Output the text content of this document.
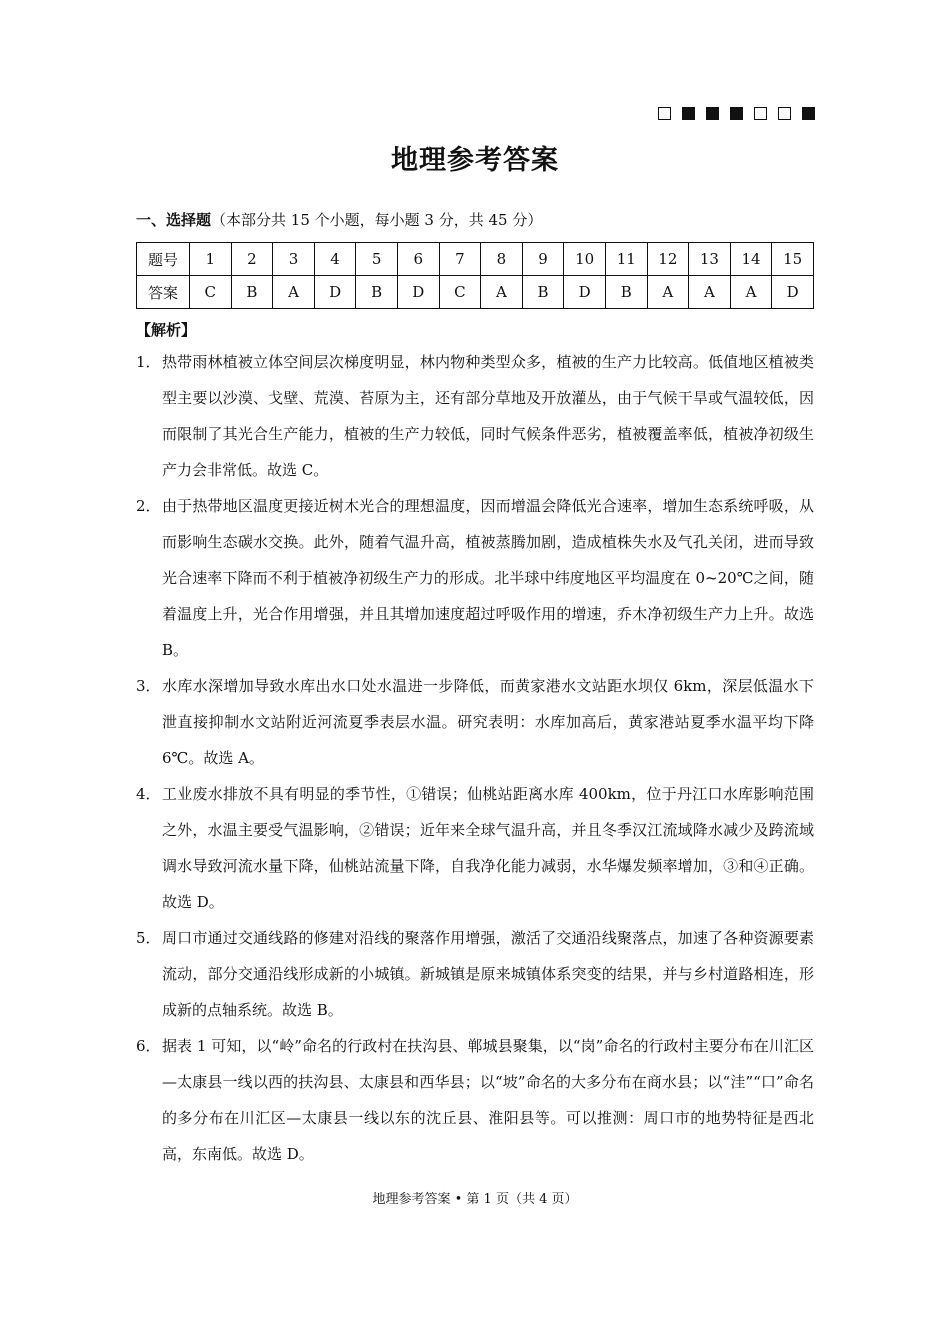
地理参考答案

一、选择题（本部分共 15 个小题，每小题 3 分，共 45 分）

题号	1	2	3	4	5	6	7	8	9	10	11	12	13	14	15
答案	C	B	A	D	B	D	C	A	B	D	B	A	A	A	D

【解析】

1． 热带雨林植被立体空间层次梯度明显，林内物种类型众多，植被的生产力比较高。低值地区植被类型主要以沙漠、戈壁、荒漠、苔原为主，还有部分草地及开放灌丛，由于气候干旱或气温较低，因而限制了其光合生产能力，植被的生产力较低，同时气候条件恶劣，植被覆盖率低，植被净初级生产力会非常低。故选 C。

2． 由于热带地区温度更接近树木光合的理想温度，因而增温会降低光合速率，增加生态系统呼吸，从而影响生态碳水交换。此外，随着气温升高，植被蒸腾加剧，造成植株失水及气孔关闭，进而导致光合速率下降而不利于植被净初级生产力的形成。北半球中纬度地区平均温度在 0~20℃之间，随着温度上升，光合作用增强，并且其增加速度超过呼吸作用的增速，乔木净初级生产力上升。故选 B。

3． 水库水深增加导致水库出水口处水温进一步降低，而黄家港水文站距水坝仅 6km，深层低温水下泄直接抑制水文站附近河流夏季表层水温。研究表明：水库加高后，黄家港站夏季水温平均下降 6℃。故选 A。

4． 工业废水排放不具有明显的季节性，①错误；仙桃站距离水库 400km，位于丹江口水库影响范围之外，水温主要受气温影响，②错误；近年来全球气温升高，并且冬季汉江流域降水减少及跨流域调水导致河流水量下降，仙桃站流量下降，自我净化能力减弱，水华爆发频率增加，③和④正确。故选 D。

5． 周口市通过交通线路的修建对沿线的聚落作用增强，激活了交通沿线聚落点，加速了各种资源要素流动，部分交通沿线形成新的小城镇。新城镇是原来城镇体系突变的结果，并与乡村道路相连，形成新的点轴系统。故选 B。

6． 据表 1 可知，以“岭”命名的行政村在扶沟县、郸城县聚集，以“岗”命名的行政村主要分布在川汇区—太康县一线以西的扶沟县、太康县和西华县；以“坡”命名的大多分布在商水县；以“洼”“口”命名的多分布在川汇区—太康县一线以东的沈丘县、淮阳县等。可以推测：周口市的地势特征是西北高，东南低。故选 D。

地理参考答案 • 第 1 页（共 4 页）
